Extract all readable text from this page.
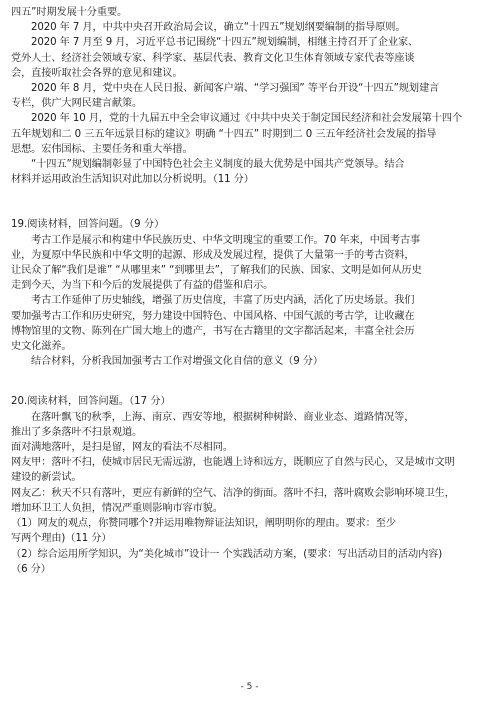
四五”时期发展十分重要。
2020 年 7 月，中共中央召开政治局会议，确立“十四五”规划纲要编制的指导原则。
2020 年 7 月至 9 月，习近平总书记围绕“十四五”规划编制，相继主持召开了企业家、
党外人士、经济社会领域专家、科学家、基层代表、教育文化卫生体育领域专家代表等座谈
会，直接听取社会各界的意见和建议。
2020 年 8 月，党中央在人民日报、新闻客户端、“学习强国” 等平台开设“十四五”规划建言
专栏，供广大网民建言献策。
2020 年 10 月，党的十九届五中全会审议通过《中共中央关于制定国民经济和社会发展第十四个
五年规划和二 0 三五年远景目标的建议》明确 “十四五” 时期到二 0 三五年经济社会发展的指导
思想。宏伟国标、主要任务和重大举措。
“十四五”规划编制彰显了中国特色社会主义制度的最大优势是中国共产党领导。结合
材料并运用政治生活知识对此加以分析说明。（11 分）
19.阅读材料，回答问题。（9 分）
考古工作是展示和构建中华民族历史、中华文明瑰宝的重要工作。70 年来，中国考古事
业，为夏原中华民族和中华文明的起源、形成及发展过程，提供了大量第一手的考古资料，
让民众了解“我们是谁” “从哪里来” “到哪里去”，了解我们的民族、国家、文明是如何从历史
走到今天，为当下和今后的发展提供了有益的借鉴和启示。
考古工作延伸了历史轴线，增强了历史信度，丰富了历史内涵，活化了历史场景。我们
要加强考古工作和历史研究，努力建设中国特色、中国风格、中国气派的考古学，让收藏在
博物馆里的文物、陈列在广国大地上的遗产，书写在古籍里的文字都活起来，丰富全社会历
史文化滋养。
结合材料，分析我国加强考古工作对增强文化自信的意义（9 分）
20.阅读材料，回答问题。（17 分）
在落叶飘飞的秋季，上海、南京、西安等地，根据树种树龄、商业业态、道路情况等，
推出了多条落叶不扫景观道。
面对满地落叶，是扫是留，网友的看法不尽相同。
网友甲：落叶不扫，使城市居民无需远游，也能遇上诗和远方，既顺应了自然与民心，又是城市文明
建设的新尝试。
网友乙：秋天不只有落叶，更应有新鲜的空气、洁净的街面。落叶不扫，落叶腐败会影响环境卫生，
增加环卫工人负担，情况严重则影响市容市貌。
（1）网友的观点，你赞同哪个?并运用唯物辩证法知识，阐明明你的理由。要求：至少
写两个理由)（11 分）
（2）综合运用所学知识，为“美化城市”设计一 个实践活动方案，(要求：写出活动目的活动内容)
（6 分）
- 5 -
